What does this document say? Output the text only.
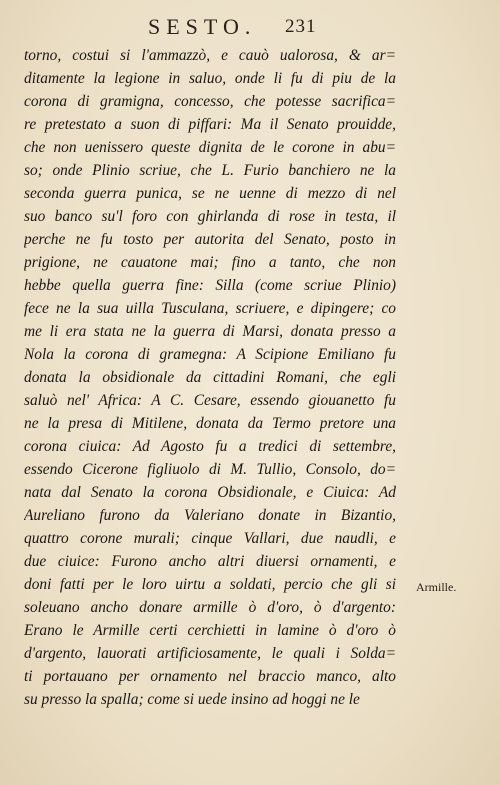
SESTO. 231
torno, costui si l'ammazzò, e cauò ualorosa, & ar=
ditamente la legione in saluo, onde li fu di piu de la
corona di gramigna, concesso, che potesse sacrifica=
re pretestato a suon di piffari: Ma il Senato prouidde,
che non uenissero queste dignita de le corone in abu=
so; onde Plinio scriue, che L. Furio banchiero ne la
seconda guerra punica, se ne uenne di mezzo di nel
suo banco su'l foro con ghirlanda di rose in testa, il
perche ne fu tosto per autorita del Senato, posto in
prigione, ne cauatone mai; fino a tanto, che non
hebbe quella guerra fine: Silla (come scriue Plinio)
fece ne la sua uilla Tusculana, scriuere, e dipingere; co
me li era stata ne la guerra di Marsi, donata presso a
Nola la corona di gramegna: A Scipione Emiliano fu
donata la obsidionale da cittadini Romani, che egli
saluò nel' Africa: A C. Cesare, essendo giouanetto fu
ne la presa di Mitilene, donata da Termo pretore una
corona ciuica: Ad Agosto fu a tredici di settembre,
essendo Cicerone figliuolo di M. Tullio, Consolo, do=
nata dal Senato la corona Obsidionale, e Ciuica: Ad
Aureliano furono da Valeriano donate in Bizantio,
quattro corone murali; cinque Vallari, due naudli, e
due ciuice: Furono ancho altri diuersi ornamenti, e
doni fatti per le loro uirtu a soldati, percio che gli si
soleuano ancho donare armille ò d'oro, ò d'argento:
Erano le Armille certi cerchietti in lamine ò d'oro ò
d'argento, lauorati artificiosamente, le quali i Solda=
ti portauano per ornamento nel braccio manco, alto
su presso la spalla; come si uede insino ad hoggi ne le
Armille.
